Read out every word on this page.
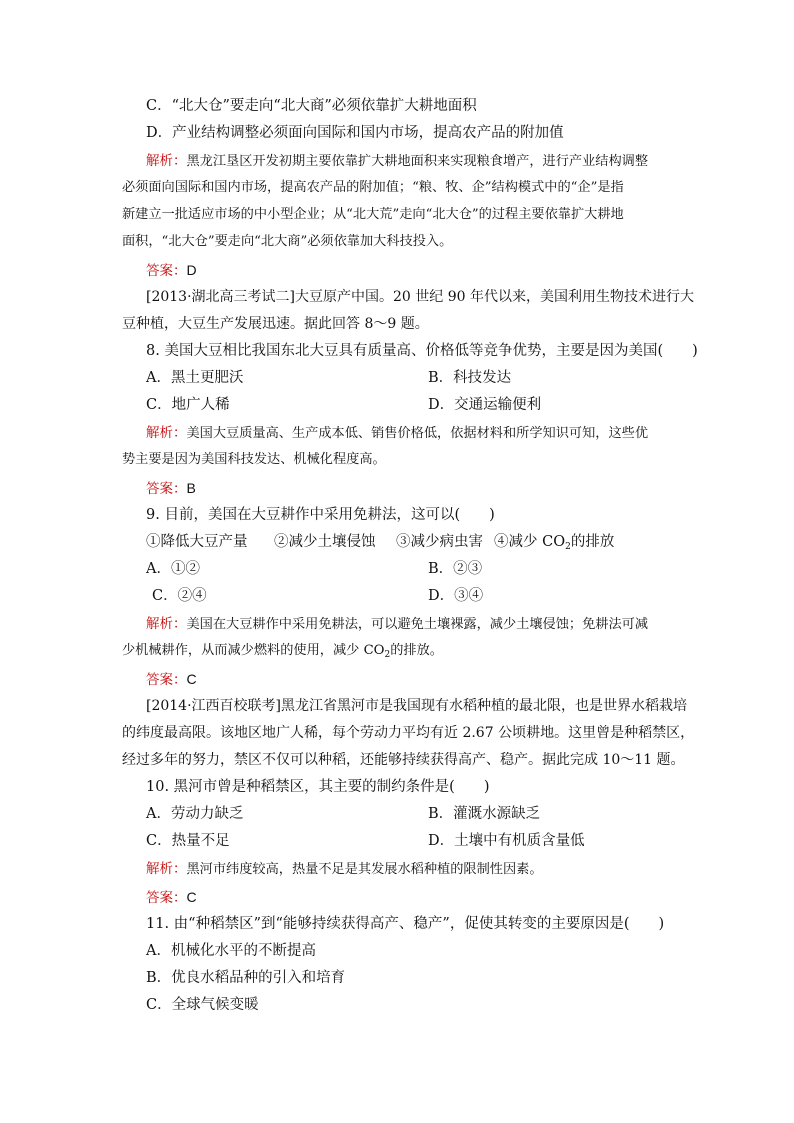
C．“北大仓”要走向“北大商”必须依靠扩大耕地面积
D．产业结构调整必须面向国际和国内市场，提高农产品的附加值
解析：黑龙江垦区开发初期主要依靠扩大耕地面积来实现粮食增产，进行产业结构调整
必须面向国际和国内市场，提高农产品的附加值；“粮、牧、企”结构模式中的“企”是指
新建立一批适应市场的中小型企业；从“北大荒”走向“北大仓”的过程主要依靠扩大耕地
面积，“北大仓”要走向“北大商”必须依靠加大科技投入。
答案：D
[2013·湖北高三考试二]大豆原产中国。20 世纪 90 年代以来，美国利用生物技术进行大
豆种植，大豆生产发展迅速。据此回答 8～9 题。
8. 美国大豆相比我国东北大豆具有质量高、价格低等竞争优势，主要是因为美国(　　)
A．黑土更肥沃	B．科技发达
C．地广人稀	D．交通运输便利
解析：美国大豆质量高、生产成本低、销售价格低，依据材料和所学知识可知，这些优
势主要是因为美国科技发达、机械化程度高。
答案：B
9. 目前，美国在大豆耕作中采用免耕法，这可以(　　)
①降低大豆产量 ②减少土壤侵蚀 ③减少病虫害 ④减少 $CO_2$的排放
A．①②	B．②③
C．②④	D．③④
解析：美国在大豆耕作中采用免耕法，可以避免土壤裸露，减少土壤侵蚀；免耕法可减
少机械耕作，从而减少燃料的使用，减少 $CO_2$的排放。
答案：C
[2014·江西百校联考]黑龙江省黑河市是我国现有水稻种植的最北限，也是世界水稻栽培
的纬度最高限。该地区地广人稀，每个劳动力平均有近 2.67 公顷耕地。这里曾是种稻禁区，
经过多年的努力，禁区不仅可以种稻，还能够持续获得高产、稳产。据此完成 10～11 题。
10. 黑河市曾是种稻禁区，其主要的制约条件是(　　)
A．劳动力缺乏	B．灌溉水源缺乏
C．热量不足	D．土壤中有机质含量低
解析：黑河市纬度较高，热量不足是其发展水稻种植的限制性因素。
答案：C
11. 由“种稻禁区”到“能够持续获得高产、稳产”，促使其转变的主要原因是(　　)
A．机械化水平的不断提高
B．优良水稻品种的引入和培育
C．全球气候变暖
